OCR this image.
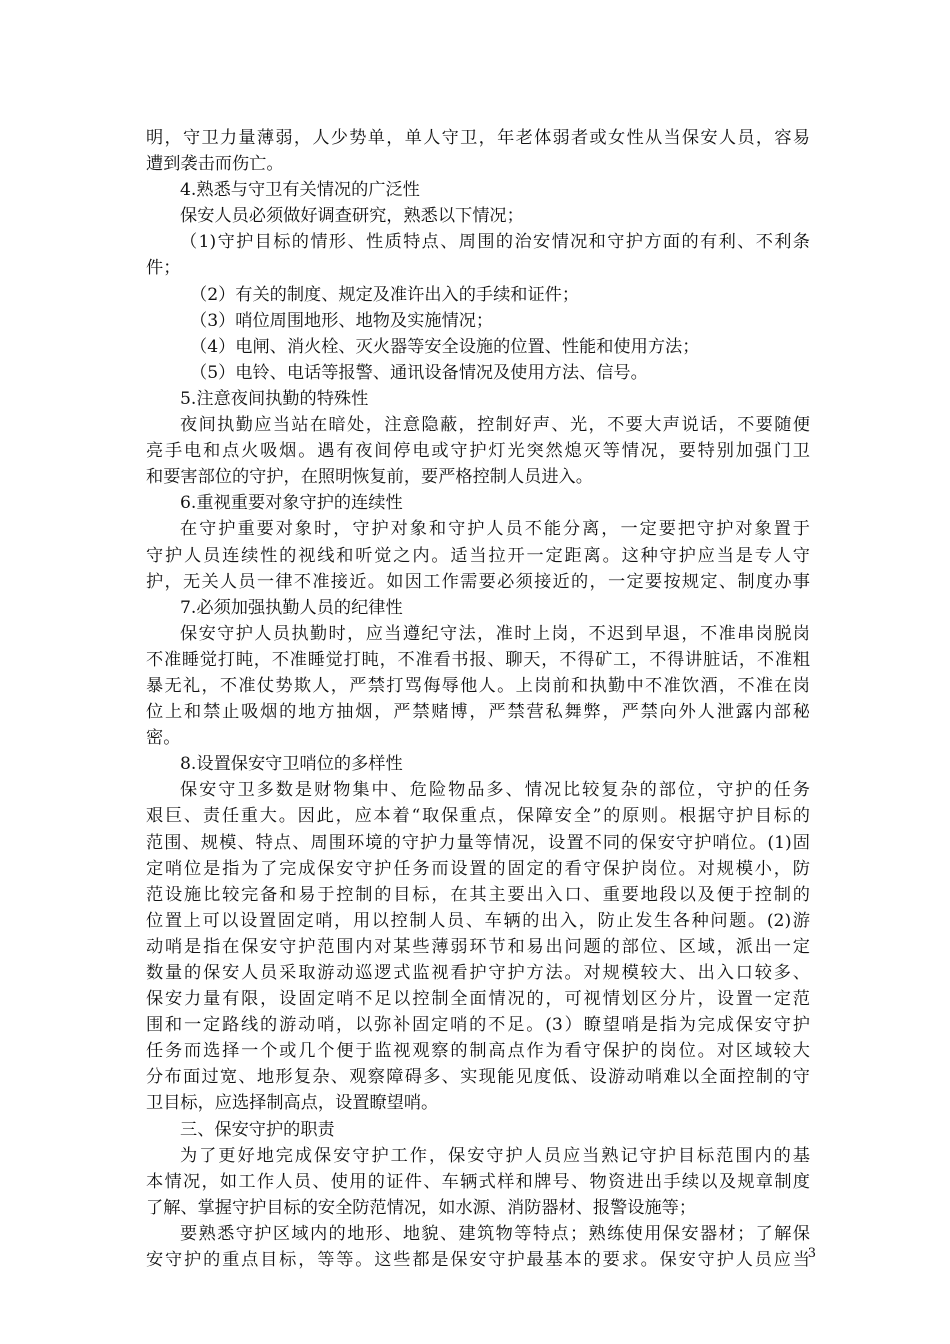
明，守卫力量薄弱，人少势单，单人守卫，年老体弱者或女性从当保安人员，容易
遭到袭击而伤亡。
4.熟悉与守卫有关情况的广泛性
保安人员必须做好调查研究，熟悉以下情况；
（1)守护目标的情形、性质特点、周围的治安情况和守护方面的有利、不利条
件；
（2）有关的制度、规定及准许出入的手续和证件；
（3）哨位周围地形、地物及实施情况；
（4）电闸、消火栓、灭火器等安全设施的位置、性能和使用方法；
（5）电铃、电话等报警、通讯设备情况及使用方法、信号。
5.注意夜间执勤的特殊性
夜间执勤应当站在暗处，注意隐蔽，控制好声、光，不要大声说话，不要随便
亮手电和点火吸烟。遇有夜间停电或守护灯光突然熄灭等情况，要特别加强门卫
和要害部位的守护，在照明恢复前，要严格控制人员进入。
6.重视重要对象守护的连续性
在守护重要对象时，守护对象和守护人员不能分离，一定要把守护对象置于
守护人员连续性的视线和听觉之内。适当拉开一定距离。这种守护应当是专人守
护，无关人员一律不准接近。如因工作需要必须接近的，一定要按规定、制度办事
7.必须加强执勤人员的纪律性
保安守护人员执勤时，应当遵纪守法，准时上岗，不迟到早退，不准串岗脱岗
不准睡觉打盹，不准睡觉打盹，不准看书报、聊天，不得矿工，不得讲脏话，不准粗
暴无礼，不准仗势欺人，严禁打骂侮辱他人。上岗前和执勤中不准饮酒，不准在岗
位上和禁止吸烟的地方抽烟，严禁赌博，严禁营私舞弊，严禁向外人泄露内部秘
密。
8.设置保安守卫哨位的多样性
保安守卫多数是财物集中、危险物品多、情况比较复杂的部位，守护的任务
艰巨、责任重大。因此，应本着“取保重点，保障安全”的原则。根据守护目标的
范围、规模、特点、周围环境的守护力量等情况，设置不同的保安守护哨位。(1)固
定哨位是指为了完成保安守护任务而设置的固定的看守保护岗位。对规模小，防
范设施比较完备和易于控制的目标，在其主要出入口、重要地段以及便于控制的
位置上可以设置固定哨，用以控制人员、车辆的出入，防止发生各种问题。(2)游
动哨是指在保安守护范围内对某些薄弱环节和易出问题的部位、区域，派出一定
数量的保安人员采取游动巡逻式监视看护守护方法。对规模较大、出入口较多、
保安力量有限，设固定哨不足以控制全面情况的，可视情划区分片，设置一定范
围和一定路线的游动哨，以弥补固定哨的不足。(3）瞭望哨是指为完成保安守护
任务而选择一个或几个便于监视观察的制高点作为看守保护的岗位。对区域较大
分布面过宽、地形复杂、观察障碍多、实现能见度低、设游动哨难以全面控制的守
卫目标，应选择制高点，设置瞭望哨。
三、保安守护的职责
为了更好地完成保安守护工作，保安守护人员应当熟记守护目标范围内的基
本情况，如工作人员、使用的证件、车辆式样和牌号、物资进出手续以及规章制度
了解、掌握守护目标的安全防范情况，如水源、消防器材、报警设施等；
要熟悉守护区域内的地形、地貌、建筑物等特点；熟练使用保安器材；了解保
安守护的重点目标，等等。这些都是保安守护最基本的要求。保安守护人员应当
3
